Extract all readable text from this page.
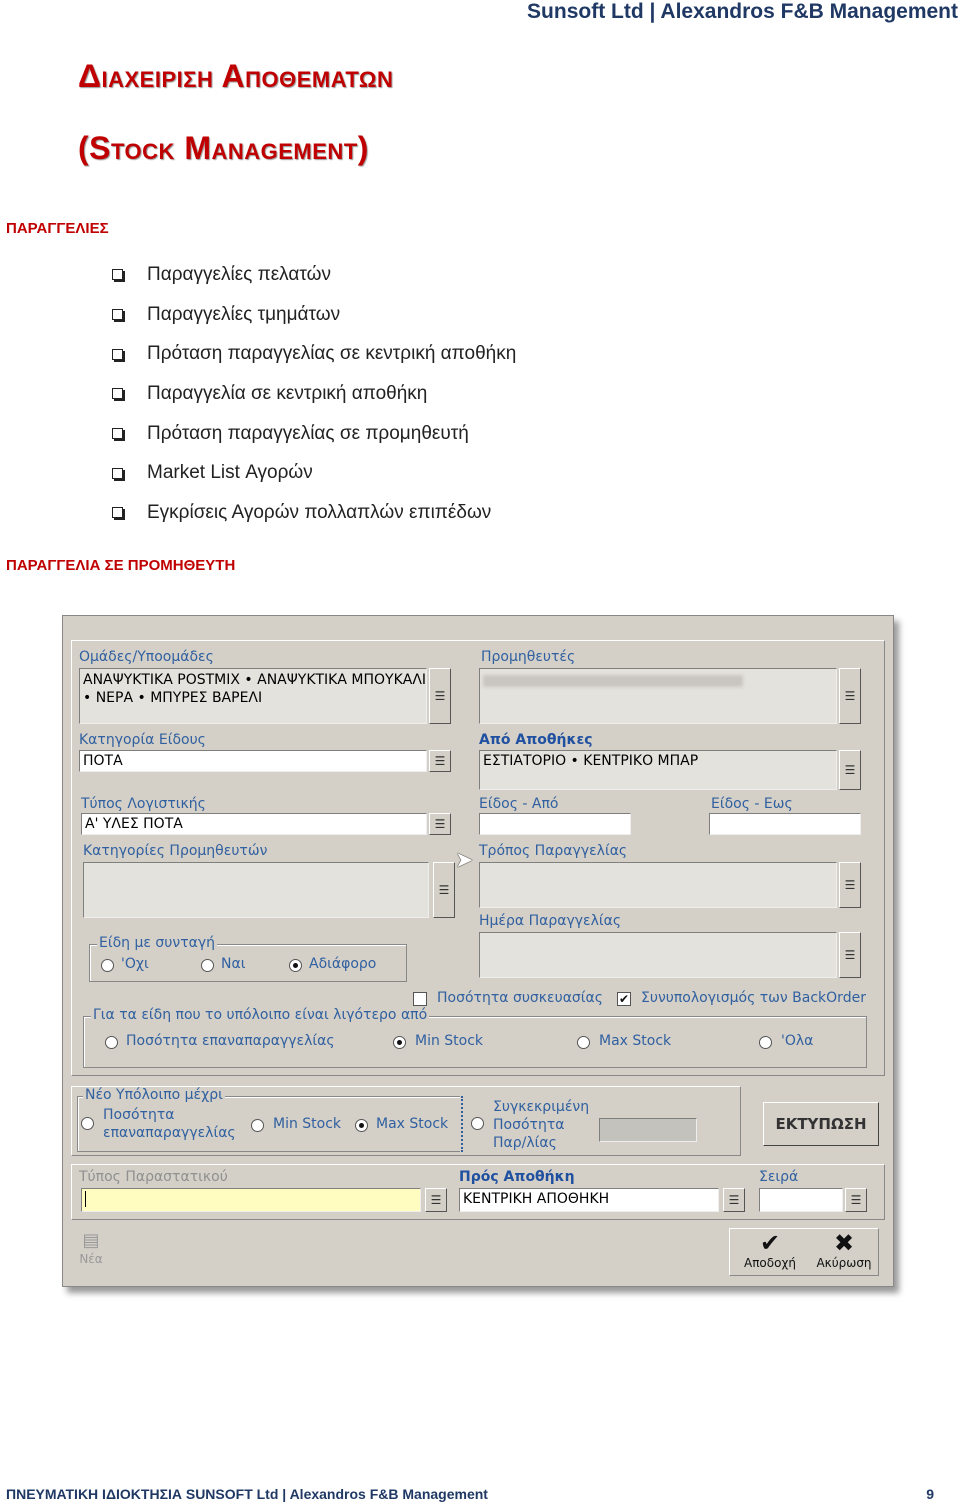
Sunsoft Ltd | Alexandros F&B Management
Διαχειριση Αποθεματων
(Stock Management)
ΠΑΡΑΓΓΕΛΙΕΣ
Παραγγελίες πελατών
Παραγγελίες τμημάτων
Πρόταση παραγγελίας σε κεντρική αποθήκη
Παραγγελία σε κεντρική αποθήκη
Πρόταση παραγγελίας σε προμηθευτή
Market List Αγορών
Εγκρίσεις Αγορών πολλαπλών επιπέδων
ΠΑΡΑΓΓΕΛΙΑ ΣΕ ΠΡΟΜΗΘΕΥΤΗ
Ομάδες/Υποομάδες
ΑΝΑΨΥΚΤΙΚΑ POSTMIX • ΑΝΑΨΥΚΤΙΚΑ ΜΠΟΥΚΑΛΙ
• ΝΕΡΑ • ΜΠΥΡΕΣ ΒΑΡΕΛΙ	☰
Προμηθευτές
☰
Κατηγορία Είδους
ΠΟΤΑ	☰
Από Αποθήκες
ΕΣΤΙΑΤΟΡΙΟ • ΚΕΝΤΡΙΚΟ ΜΠΑΡ
☰
Τύπος Λογιστικής
Α' ΥΛΕΣ ΠΟΤΑ	☰
Είδος - Από	Είδος - Εως
Κατηγορίες Προμηθευτών
☰
➤ Τρόπος Παραγγελίας
☰
Είδη με συνταγή
'Οχι	Ναι	Αδιάφορο
Ημέρα Παραγγελίας
☰
Ποσότητα συσκευασίας ✔ Συνυπολογισμός των BackOrder
Για τα είδη που το υπόλοιπο είναι λιγότερο από
Ποσότητα επαναπαραγγελίας	Min Stock	Max Stock	'Ολα
Νέο Υπόλοιπο μέχρι
Ποσότητα
επαναπαραγγελίας
Min Stock Max Stock
Συγκεκριμένη
Ποσότητα
Παρ/λίας
ΕΚΤΥΠΩΣΗ
Τύπος Παραστατικού
☰
Πρός Αποθήκη
ΚΕΝΤΡΙΚΗ ΑΠΟΘΗΚΗ	☰
Σειρά
☰
▤
Νέα
✔
Αποδοχή
✖
Ακύρωση
ΠΝΕΥΜΑΤΙΚΗ ΙΔΙΟΚΤΗΣΙΑ SUNSOFT Ltd | Alexandros F&B Management	9
